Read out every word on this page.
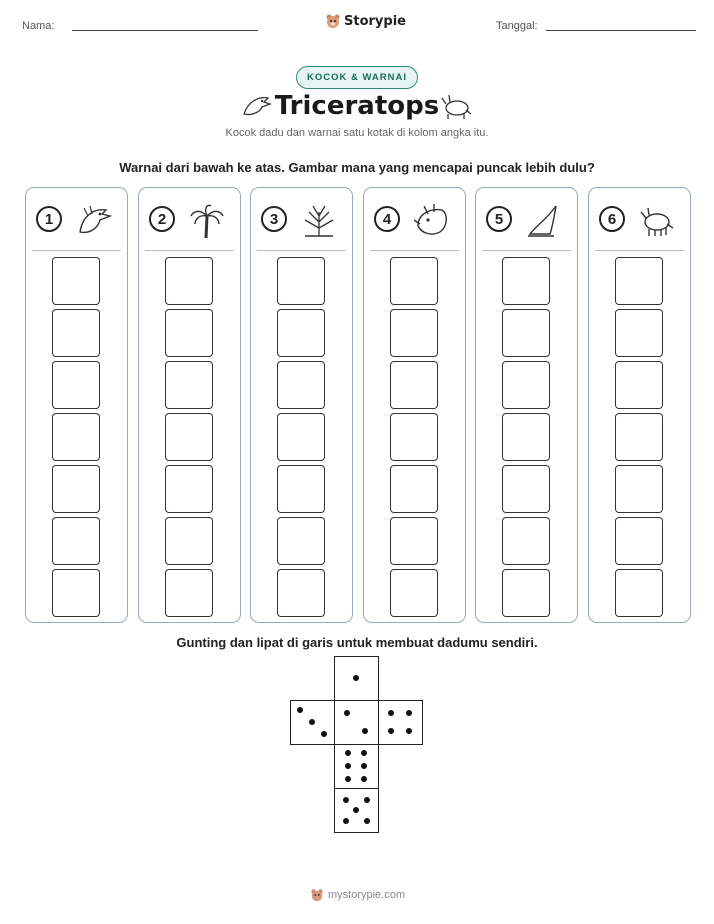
Nama:	Storypie	Tanggal:
KOCOK & WARNAI
Triceratops
Kocok dadu dan warnai satu kotak di kolom angka itu.
Warnai dari bawah ke atas. Gambar mana yang mencapai puncak lebih dulu?
1	2	3	4	5	6
Gunting dan lipat di garis untuk membuat dadumu sendiri.
mystorypie.com
